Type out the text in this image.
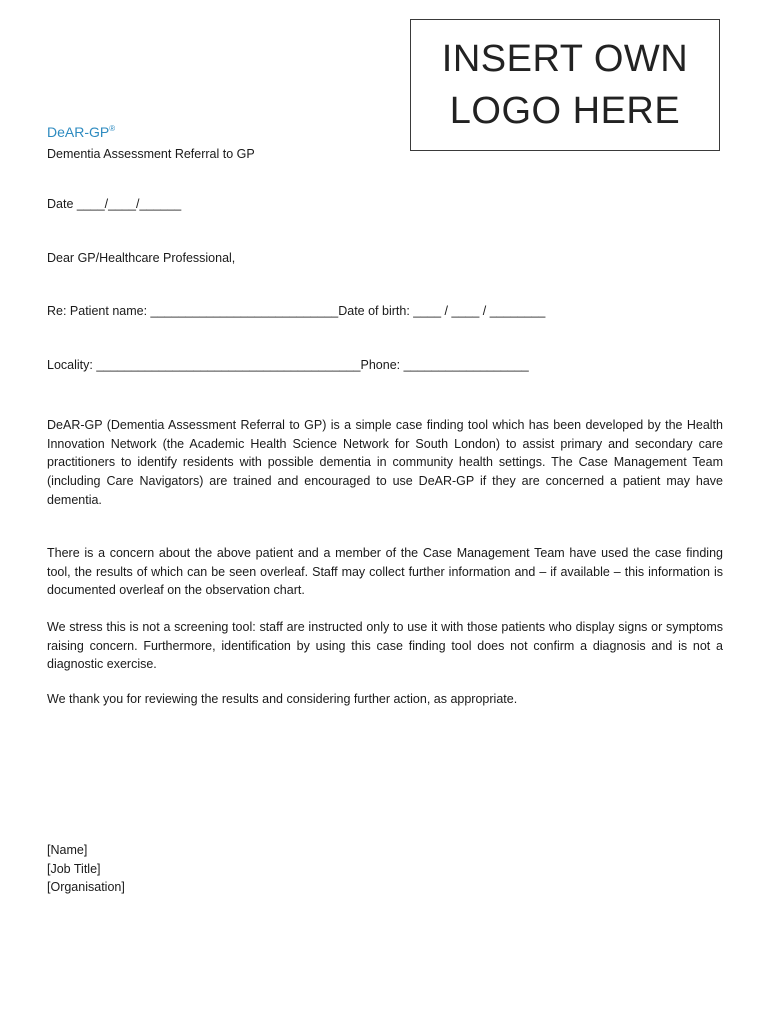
INSERT OWN
LOGO HERE
DeAR-GP®
Dementia Assessment Referral to GP
Date ____/____/______
Dear GP/Healthcare Professional,
Re: Patient name: ___________________________Date of birth: ____ / ____ / ________
Locality: ______________________________________Phone: __________________

DeAR-GP (Dementia Assessment Referral to GP) is a simple case finding tool which has been developed by the Health Innovation Network (the Academic Health Science Network for South London) to assist primary and secondary care practitioners to identify residents with possible dementia in community health settings. The Case Management Team (including Care Navigators) are trained and encouraged to use DeAR-GP if they are concerned a patient may have dementia.

There is a concern about the above patient and a member of the Case Management Team have used the case finding tool, the results of which can be seen overleaf. Staff may collect further information and – if available – this information is documented overleaf on the observation chart.

We stress this is not a screening tool: staff are instructed only to use it with those patients who display signs or symptoms raising concern. Furthermore, identification by using this case finding tool does not confirm a diagnosis and is not a diagnostic exercise.

We thank you for reviewing the results and considering further action, as appropriate.

[Name]
[Job Title]
[Organisation]
